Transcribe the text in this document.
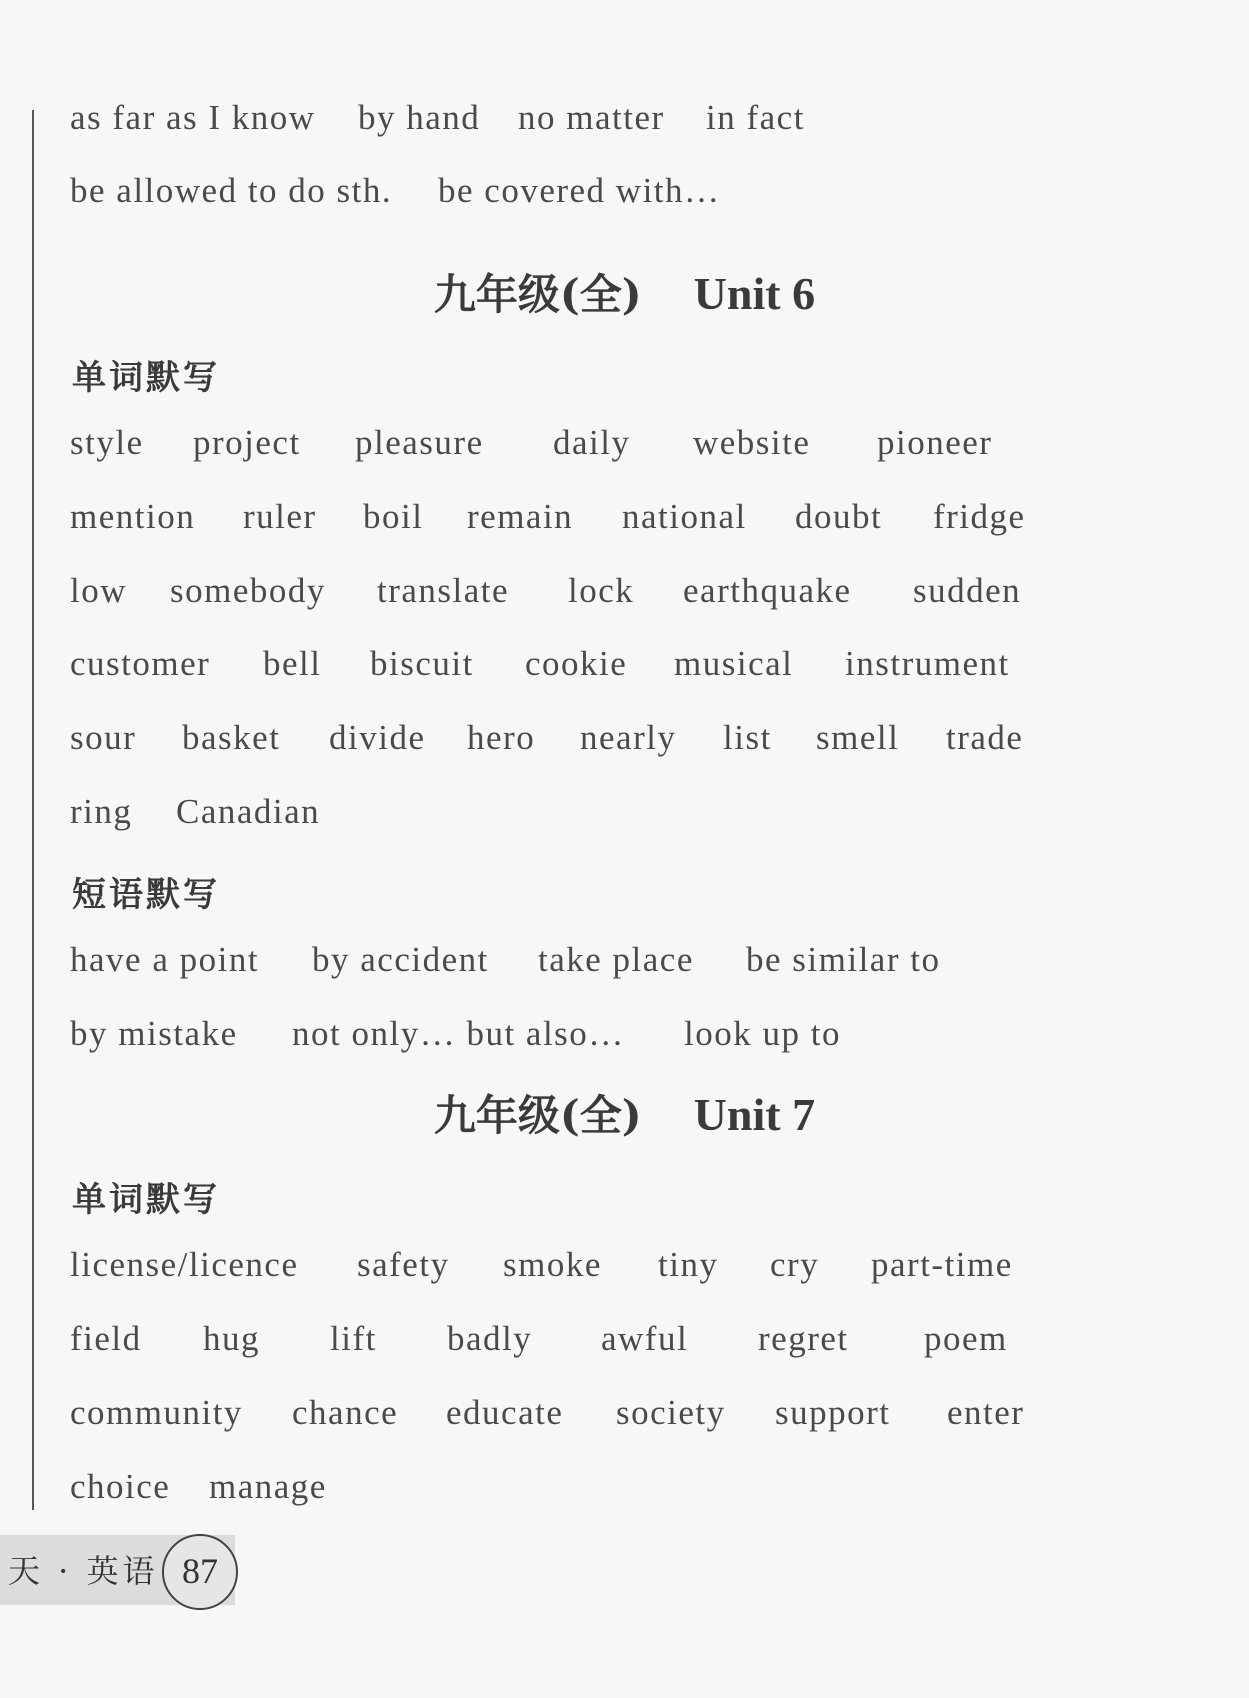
as far as I know by hand no matter in fact
be allowed to do sth. be covered with…
九年级(全) Unit 6
单词默写
style project pleasure daily website pioneer
mention ruler boil remain national doubt fridge
low somebody translate lock earthquake sudden
customer bell biscuit cookie musical instrument
sour basket divide hero nearly list smell trade
ring Canadian
短语默写
have a point by accident take place be similar to
by mistake not only… but also… look up to
九年级(全) Unit 7
单词默写
license/licence safety smoke tiny cry part-time
field hug lift badly awful regret poem
community chance educate society support enter
choice manage
天 · 英语 87
